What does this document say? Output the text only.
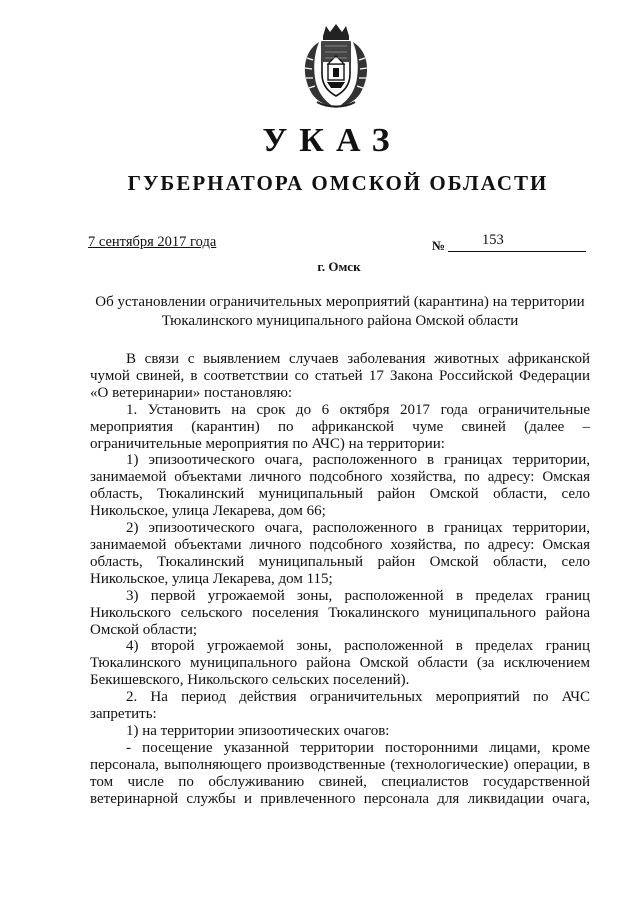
УКАЗ
ГУБЕРНАТОРА ОМСКОЙ ОБЛАСТИ
7 сентября 2017 года	№	153
г. Омск
Об установлении ограничительных мероприятий (карантина) на территории
Тюкалинского муниципального района Омской области

В связи с выявлением случаев заболевания животных африканской

чумой свиней, в соответствии со статьей 17 Закона Российской Федерации

«О ветеринарии» постановляю:

1. Установить на срок до 6 октября 2017 года ограничительные

мероприятия (карантин) по африканской чуме свиней (далее –

ограничительные мероприятия по АЧС) на территории:

1) эпизоотического очага, расположенного в границах территории,

занимаемой объектами личного подсобного хозяйства, по адресу: Омская

область, Тюкалинский муниципальный район Омской области, село

Никольское, улица Лекарева, дом 66;

2) эпизоотического очага, расположенного в границах территории,

занимаемой объектами личного подсобного хозяйства, по адресу: Омская

область, Тюкалинский муниципальный район Омской области, село

Никольское, улица Лекарева, дом 115;

3) первой угрожаемой зоны, расположенной в пределах границ

Никольского сельского поселения Тюкалинского муниципального района

Омской области;

4) второй угрожаемой зоны, расположенной в пределах границ

Тюкалинского муниципального района Омской области (за исключением

Бекишевского, Никольского сельских поселений).

2. На период действия ограничительных мероприятий по АЧС

запретить:

1) на территории эпизоотических очагов:

- посещение указанной территории посторонними лицами, кроме

персонала, выполняющего производственные (технологические) операции, в

том числе по обслуживанию свиней, специалистов государственной

ветеринарной службы и привлеченного персонала для ликвидации очага,
